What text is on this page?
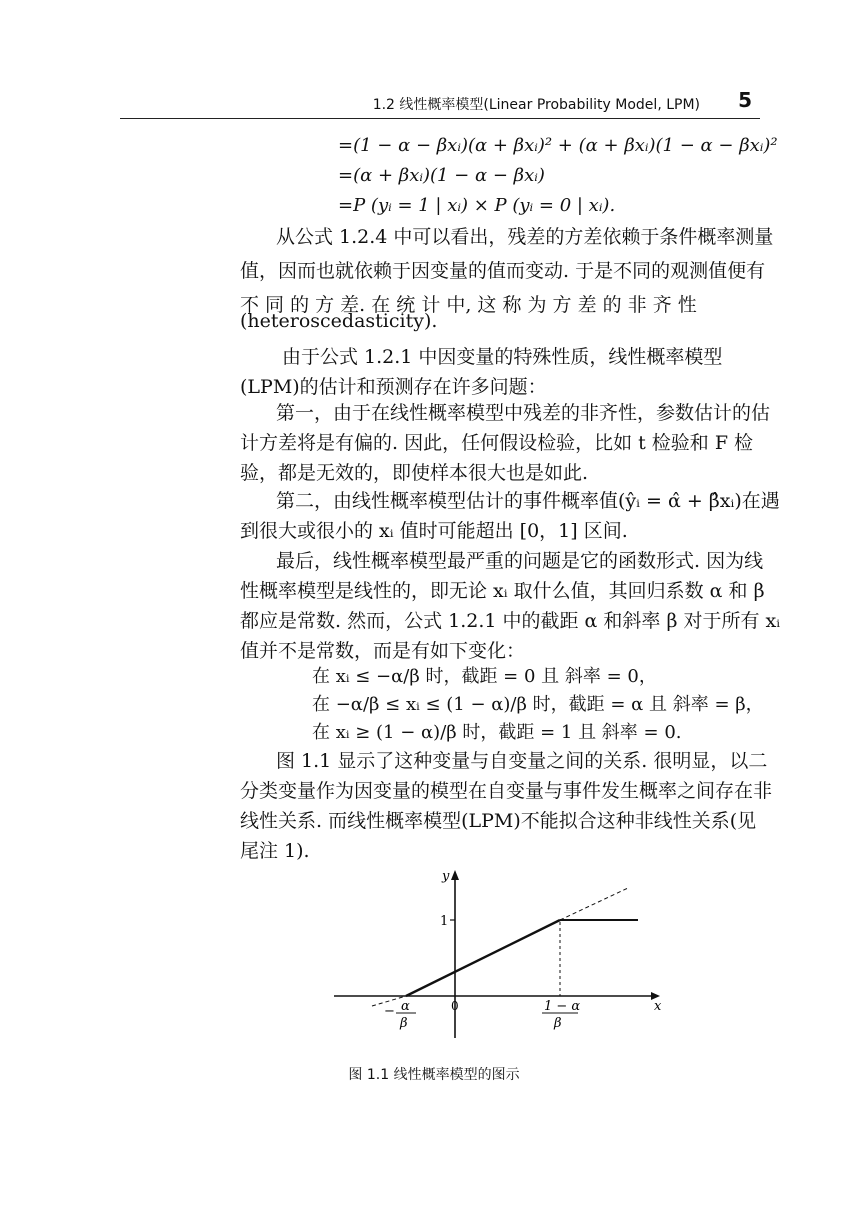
1.2 线性概率模型(Linear Probability Model, LPM) 5
=(1 − α − βxᵢ)(α + βxᵢ)² + (α + βxᵢ)(1 − α − βxᵢ)²
=(α + βxᵢ)(1 − α − βxᵢ)
=P (yᵢ = 1 | xᵢ) × P (yᵢ = 0 | xᵢ).
从公式 1.2.4 中可以看出，残差的方差依赖于条件概率测量
值，因而也就依赖于因变量的值而变动. 于是不同的观测值便有
不 同 的 方 差. 在 统 计 中, 这 称 为 方 差 的 非 齐 性
(heteroscedasticity).
由于公式 1.2.1 中因变量的特殊性质，线性概率模型
(LPM)的估计和预测存在许多问题：
第一，由于在线性概率模型中残差的非齐性，参数估计的估
计方差将是有偏的. 因此，任何假设检验，比如 t 检验和 F 检
验，都是无效的，即使样本很大也是如此.
第二，由线性概率模型估计的事件概率值(ŷᵢ = α̂ + β̂xᵢ)在遇
到很大或很小的 xᵢ 值时可能超出 [0，1] 区间.
最后，线性概率模型最严重的问题是它的函数形式. 因为线
性概率模型是线性的，即无论 xᵢ 取什么值，其回归系数 α 和 β
都应是常数. 然而，公式 1.2.1 中的截距 α 和斜率 β 对于所有 xᵢ
值并不是常数，而是有如下变化：
在 xᵢ ≤ −α/β 时，截距 = 0 且 斜率 = 0，
在 −α/β ≤ xᵢ ≤ (1 − α)/β 时，截距 = α 且 斜率 = β，
在 xᵢ ≥ (1 − α)/β 时，截距 = 1 且 斜率 = 0.
图 1.1 显示了这种变量与自变量之间的关系. 很明显，以二
分类变量作为因变量的模型在自变量与事件发生概率之间存在非
线性关系. 而线性概率模型(LPM)不能拟合这种非线性关系(见
尾注 1).
y
x
1
0
− α
β
1 − α
β
图 1.1 线性概率模型的图示
